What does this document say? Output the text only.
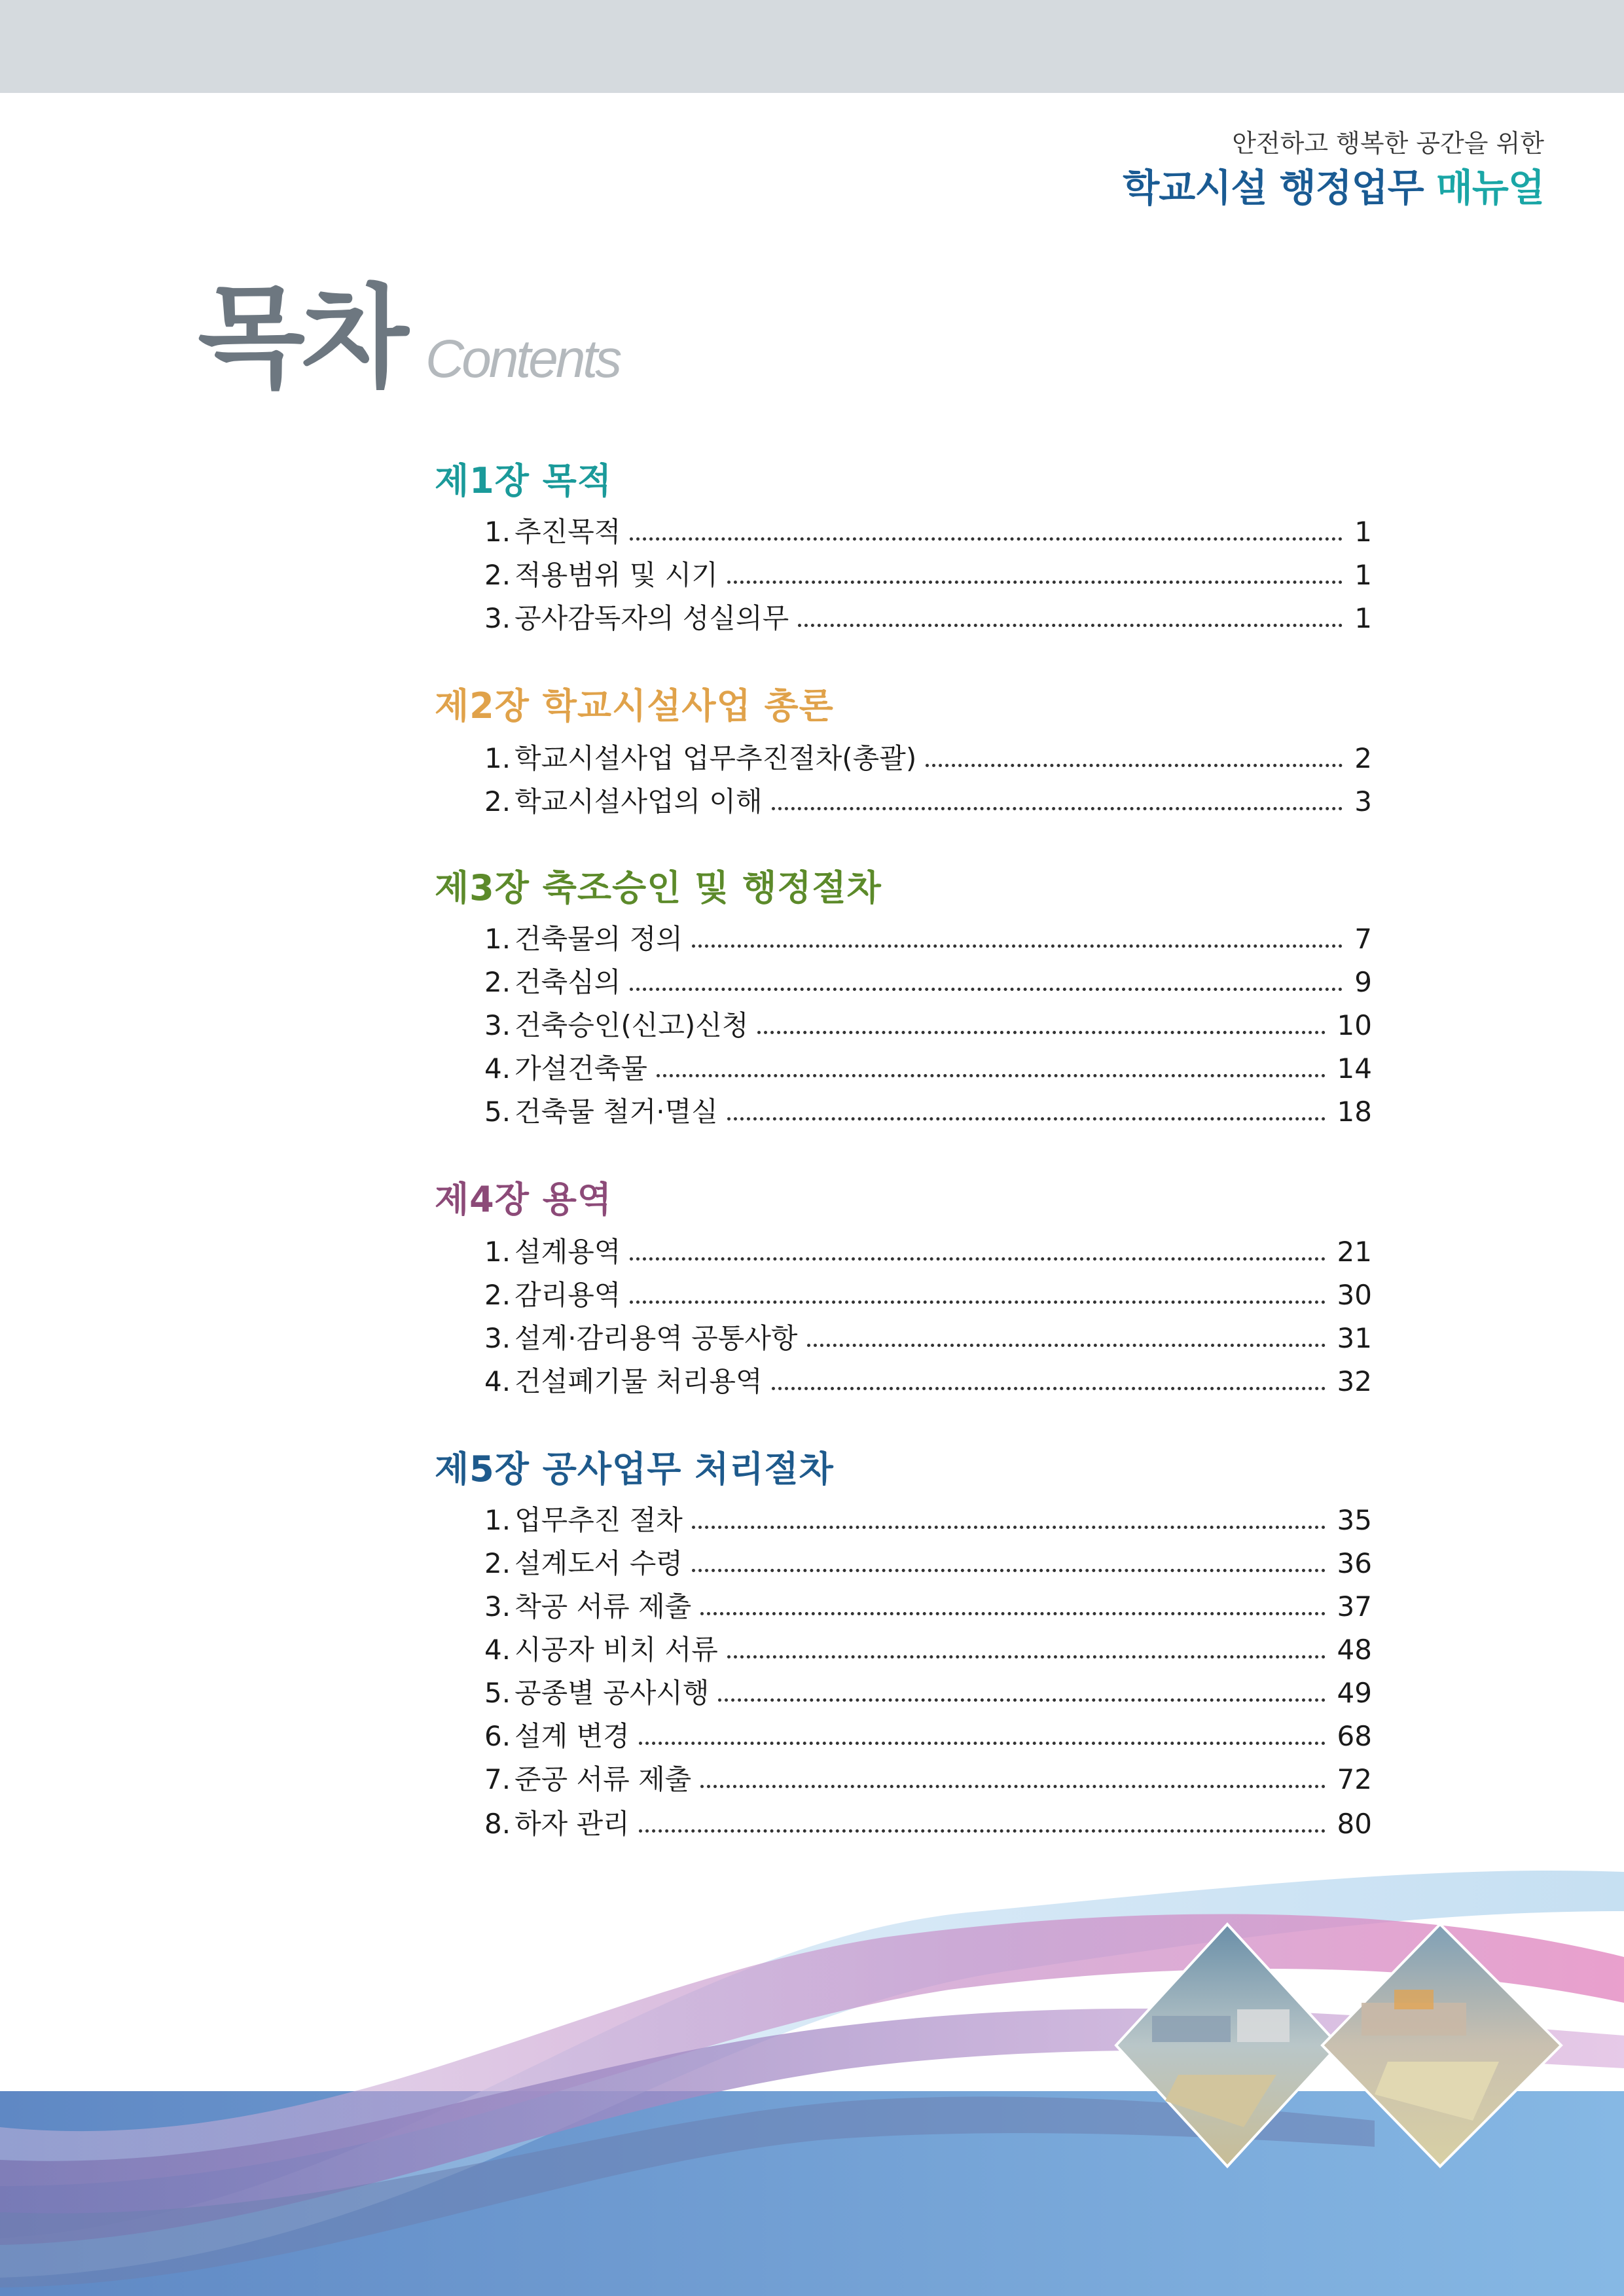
안전하고 행복한 공간을 위한
학교시설 행정업무 매뉴얼
목차 Contents
제1장 목적
1. 추진목적	1
2. 적용범위 및 시기	1
3. 공사감독자의 성실의무	1
제2장 학교시설사업 총론
1. 학교시설사업 업무추진절차(총괄)	2
2. 학교시설사업의 이해	3
제3장 축조승인 및 행정절차
1. 건축물의 정의	7
2. 건축심의	9
3. 건축승인(신고)신청	10
4. 가설건축물	14
5. 건축물 철거·멸실	18
제4장 용역
1. 설계용역	21
2. 감리용역	30
3. 설계·감리용역 공통사항	31
4. 건설폐기물 처리용역	32
제5장 공사업무 처리절차
1. 업무추진 절차	35
2. 설계도서 수령	36
3. 착공 서류 제출	37
4. 시공자 비치 서류	48
5. 공종별 공사시행	49
6. 설계 변경	68
7. 준공 서류 제출	72
8. 하자 관리	80
